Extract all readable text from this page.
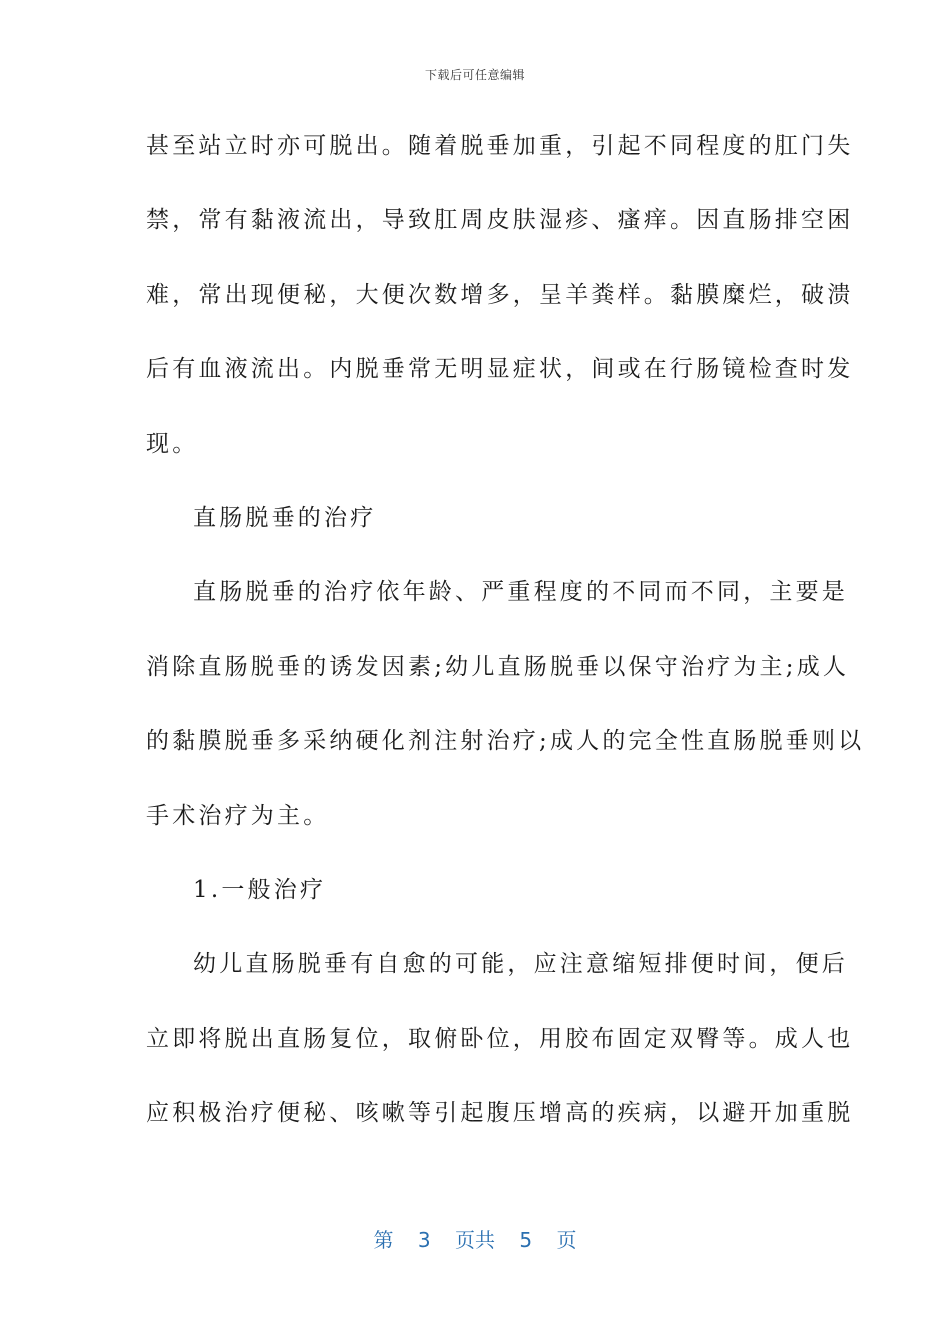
下载后可任意编辑
甚至站立时亦可脱出。随着脱垂加重，引起不同程度的肛门失
禁，常有黏液流出，导致肛周皮肤湿疹、瘙痒。因直肠排空困
难，常出现便秘，大便次数增多，呈羊粪样。黏膜糜烂，破溃
后有血液流出。内脱垂常无明显症状，间或在行肠镜检查时发
现。
直肠脱垂的治疗
直肠脱垂的治疗依年龄、严重程度的不同而不同，主要是
消除直肠脱垂的诱发因素;幼儿直肠脱垂以保守治疗为主;成人
的黏膜脱垂多采纳硬化剂注射治疗;成人的完全性直肠脱垂则以
手术治疗为主。
1.一般治疗
幼儿直肠脱垂有自愈的可能，应注意缩短排便时间，便后
立即将脱出直肠复位，取俯卧位，用胶布固定双臀等。成人也
应积极治疗便秘、咳嗽等引起腹压增高的疾病，以避开加重脱
第 3 页共 5 页
